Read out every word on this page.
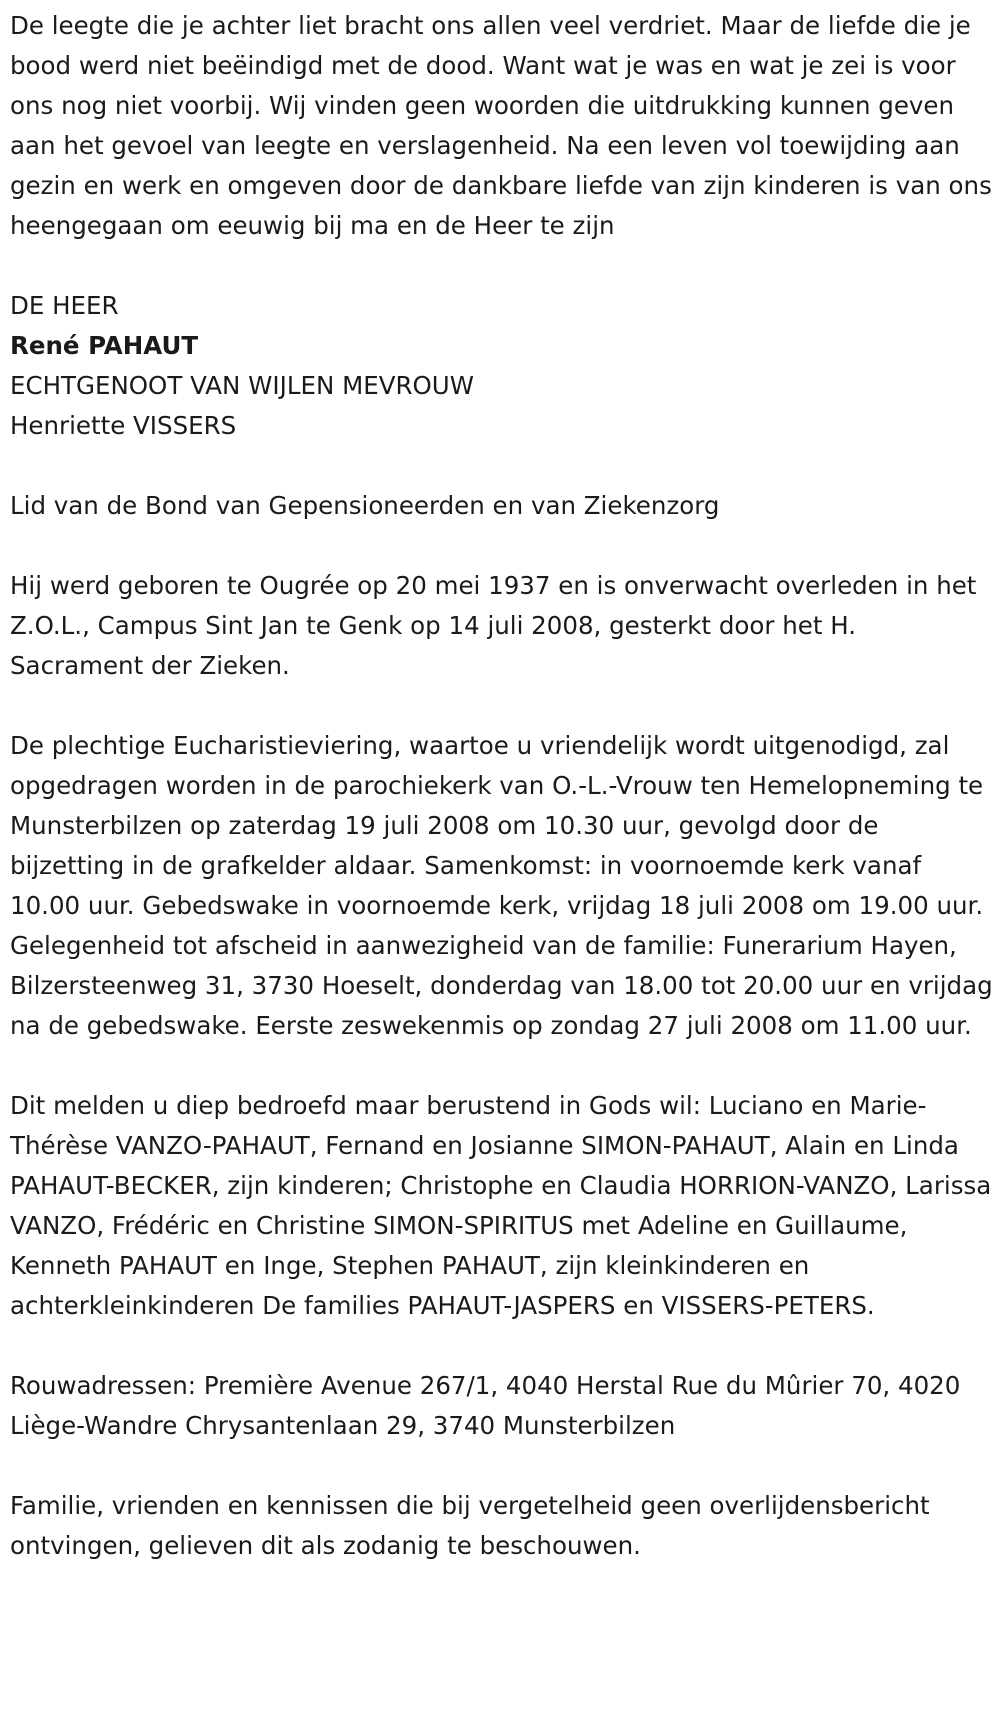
De leegte die je achter liet bracht ons allen veel verdriet. Maar de liefde die je bood werd niet beëindigd met de dood. Want wat je was en wat je zei is voor ons nog niet voorbij. Wij vinden geen woorden die uitdrukking kunnen geven aan het gevoel van leegte en verslagenheid. Na een leven vol toewijding aan gezin en werk en omgeven door de dankbare liefde van zijn kinderen is van ons heengegaan om eeuwig bij ma en de Heer te zijn

DE HEER

René PAHAUT

ECHTGENOOT VAN WIJLEN MEVROUW

Henriette VISSERS

Lid van de Bond van Gepensioneerden en van Ziekenzorg

Hij werd geboren te Ougrée op 20 mei 1937 en is onverwacht overleden in het Z.O.L., Campus Sint Jan te Genk op 14 juli 2008, gesterkt door het H. Sacrament der Zieken.

De plechtige Eucharistieviering, waartoe u vriendelijk wordt uitgenodigd, zal opgedragen worden in de parochiekerk van O.-L.-Vrouw ten Hemelopneming te Munsterbilzen op zaterdag 19 juli 2008 om 10.30 uur, gevolgd door de bijzetting in de grafkelder aldaar. Samenkomst: in voornoemde kerk vanaf 10.00 uur. Gebedswake in voornoemde kerk, vrijdag 18 juli 2008 om 19.00 uur. Gelegenheid tot afscheid in aanwezigheid van de familie: Funerarium Hayen, Bilzersteenweg 31, 3730 Hoeselt, donderdag van 18.00 tot 20.00 uur en vrijdag na de gebedswake. Eerste zeswekenmis op zondag 27 juli 2008 om 11.00 uur.

Dit melden u diep bedroefd maar berustend in Gods wil: Luciano en Marie-Thérèse VANZO-PAHAUT, Fernand en Josianne SIMON-PAHAUT, Alain en Linda PAHAUT-BECKER, zijn kinderen; Christophe en Claudia HORRION-VANZO, Larissa VANZO, Frédéric en Christine SIMON-SPIRITUS met Adeline en Guillaume, Kenneth PAHAUT en Inge, Stephen PAHAUT, zijn kleinkinderen en achterkleinkinderen De families PAHAUT-JASPERS en VISSERS-PETERS.

Rouwadressen: Première Avenue 267/1, 4040 Herstal Rue du Mûrier 70, 4020 Liège-Wandre Chrysantenlaan 29, 3740 Munsterbilzen

Familie, vrienden en kennissen die bij vergetelheid geen overlijdensbericht ontvingen, gelieven dit als zodanig te beschouwen.
